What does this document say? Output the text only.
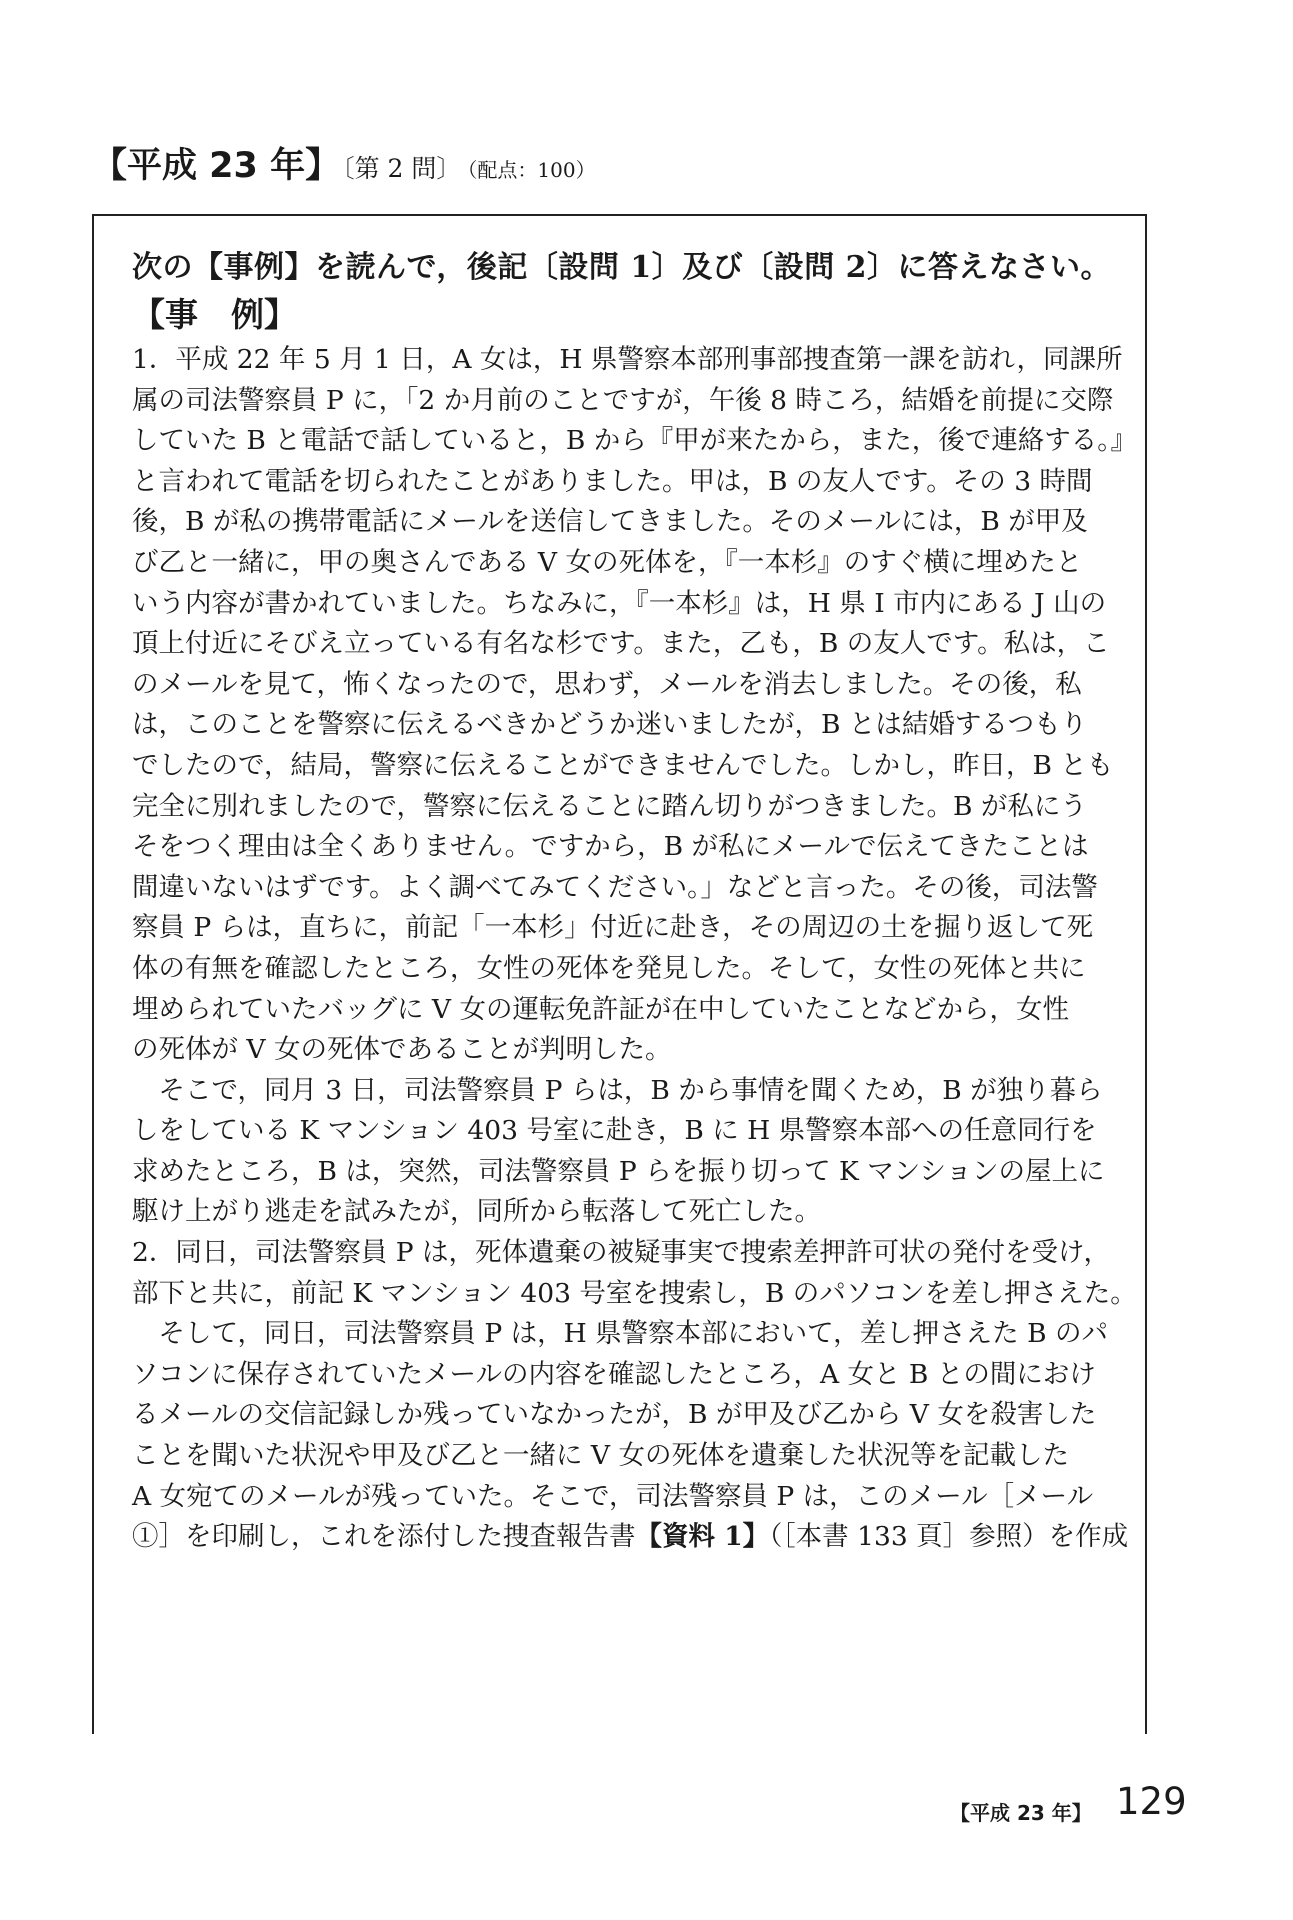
【平成 23 年】〔第 2 問〕 （配点：100）
次の【事例】を読んで，後記〔設問 1〕及び〔設問 2〕に答えなさい。
【事　例】
1．平成 22 年 5 月 1 日，A 女は，H 県警察本部刑事部捜査第一課を訪れ，同課所
属の司法警察員 P に，「2 か月前のことですが，午後 8 時ころ，結婚を前提に交際
していた B と電話で話していると，B から『甲が来たから，また，後で連絡する。』
と言われて電話を切られたことがありました。甲は，B の友人です。その 3 時間
後，B が私の携帯電話にメールを送信してきました。そのメールには，B が甲及
び乙と一緒に，甲の奥さんである V 女の死体を，『一本杉』のすぐ横に埋めたと
いう内容が書かれていました。ちなみに，『一本杉』は，H 県 I 市内にある J 山の
頂上付近にそびえ立っている有名な杉です。また，乙も，B の友人です。私は，こ
のメールを見て，怖くなったので，思わず，メールを消去しました。その後，私
は，このことを警察に伝えるべきかどうか迷いましたが，B とは結婚するつもり
でしたので，結局，警察に伝えることができませんでした。しかし，昨日，B とも
完全に別れましたので，警察に伝えることに踏ん切りがつきました。B が私にう
そをつく理由は全くありません。ですから，B が私にメールで伝えてきたことは
間違いないはずです。よく調べてみてください。」などと言った。その後，司法警
察員 P らは，直ちに，前記「一本杉」付近に赴き，その周辺の土を掘り返して死
体の有無を確認したところ，女性の死体を発見した。そして，女性の死体と共に
埋められていたバッグに V 女の運転免許証が在中していたことなどから，女性
の死体が V 女の死体であることが判明した。
　そこで，同月 3 日，司法警察員 P らは，B から事情を聞くため，B が独り暮ら
しをしている K マンション 403 号室に赴き，B に H 県警察本部への任意同行を
求めたところ，B は，突然，司法警察員 P らを振り切って K マンションの屋上に
駆け上がり逃走を試みたが，同所から転落して死亡した。
2．同日，司法警察員 P は，死体遺棄の被疑事実で捜索差押許可状の発付を受け，
部下と共に，前記 K マンション 403 号室を捜索し，B のパソコンを差し押さえた。
　そして，同日，司法警察員 P は，H 県警察本部において，差し押さえた B のパ
ソコンに保存されていたメールの内容を確認したところ，A 女と B との間におけ
るメールの交信記録しか残っていなかったが，B が甲及び乙から V 女を殺害した
ことを聞いた状況や甲及び乙と一緒に V 女の死体を遺棄した状況等を記載した
A 女宛てのメールが残っていた。そこで，司法警察員 P は，このメール［メール
①］を印刷し，これを添付した捜査報告書【資料 1】（［本書 133 頁］参照）を作成
【平成 23 年】 129
